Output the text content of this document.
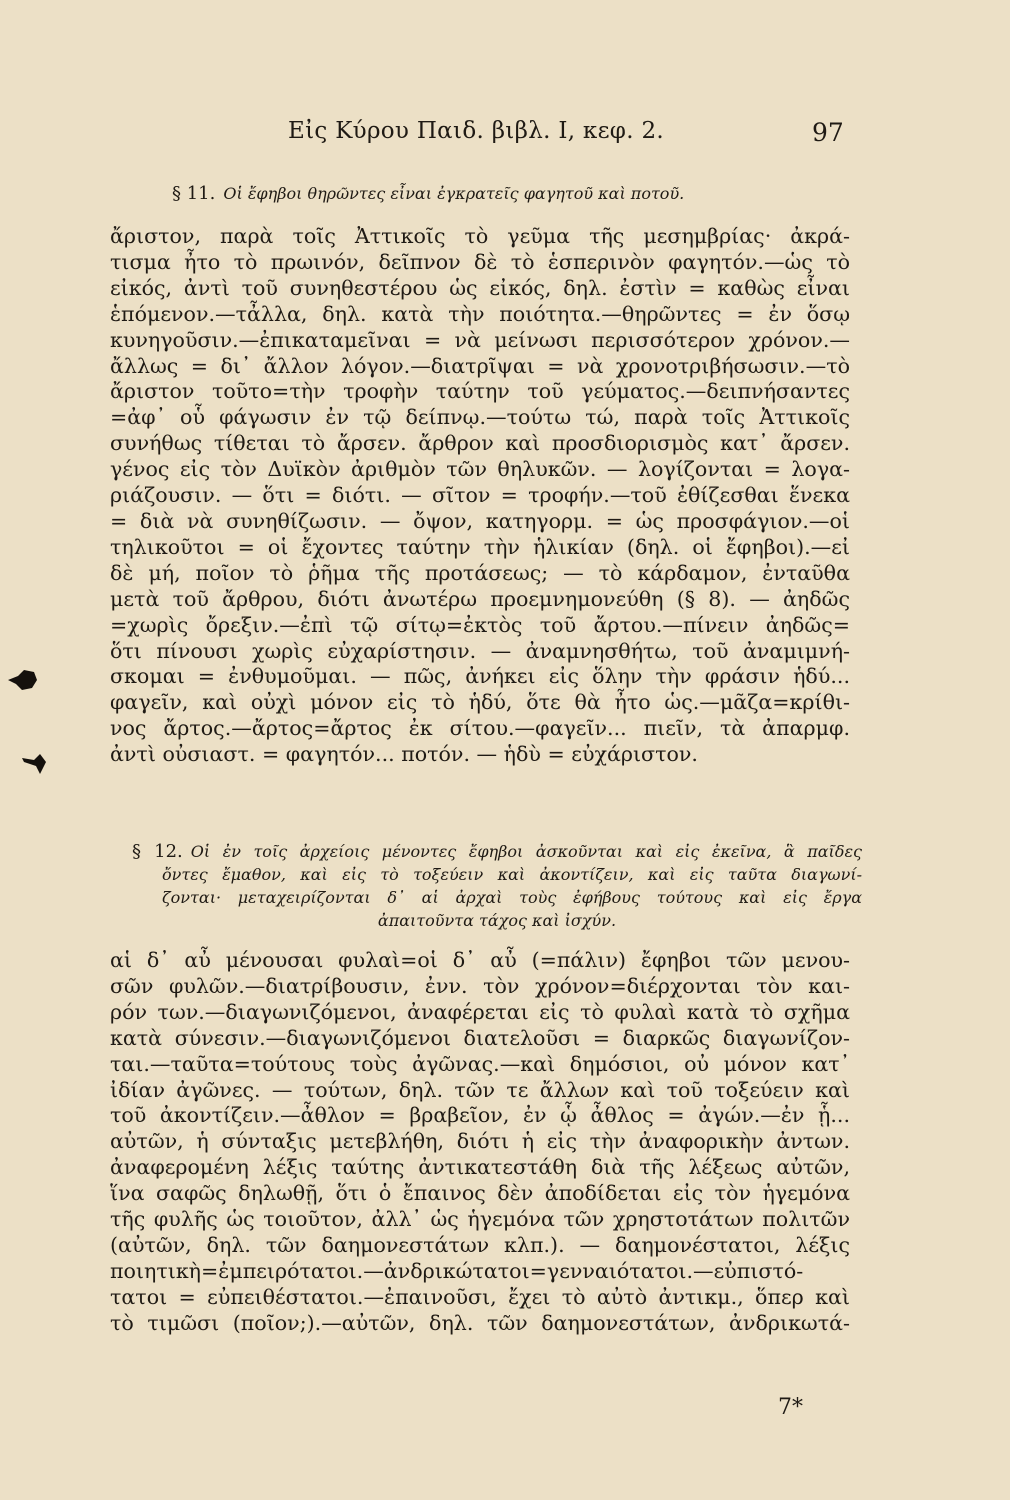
Εἰς Κύρου Παιδ. βιβλ. Ι, κεφ. 2.	97
§ 11. Οἱ ἔφηβοι θηρῶντες εἶναι ἐγκρατεῖς φαγητοῦ καὶ ποτοῦ.
ἄριστον, παρὰ τοῖς Ἀττικοῖς τὸ γεῦμα τῆς μεσημβρίας· ἀκρά-
τισμα ἦτο τὸ πρωινόν, δεῖπνον δὲ τὸ ἑσπερινὸν φαγητόν.—ὡς τὸ
εἰκός, ἀντὶ τοῦ συνηθεστέρου ὡς εἰκός, δηλ. ἐστὶν = καθὼς εἶναι
ἑπόμενον.—τἆλλα, δηλ. κατὰ τὴν ποιότητα.—θηρῶντες = ἐν ὅσῳ
κυνηγοῦσιν.—ἐπικαταμεῖναι = νὰ μείνωσι περισσότερον χρόνον.—
ἄλλως = δι᾽ ἄλλον λόγον.—διατρῖψαι = νὰ χρονοτριβήσωσιν.—τὸ
ἄριστον τοῦτο=τὴν τροφὴν ταύτην τοῦ γεύματος.—δειπνήσαντες
=ἀφ᾽ οὗ φάγωσιν ἐν τῷ δείπνῳ.—τούτω τώ, παρὰ τοῖς Ἀττικοῖς
συνήθως τίθεται τὸ ἄρσεν. ἄρθρον καὶ προσδιορισμὸς κατ᾽ ἄρσεν.
γένος εἰς τὸν Δυϊκὸν ἀριθμὸν τῶν θηλυκῶν. — λογίζονται = λογα-
ριάζουσιν. — ὅτι = διότι. — σῖτον = τροφήν.—τοῦ ἐθίζεσθαι ἕνεκα
= διὰ νὰ συνηθίζωσιν. — ὄψον, κατηγορμ. = ὡς προσφάγιον.—οἱ
τηλικοῦτοι = οἱ ἔχοντες ταύτην τὴν ἡλικίαν (δηλ. οἱ ἔφηβοι).—εἰ
δὲ μή, ποῖον τὸ ῥῆμα τῆς προτάσεως; — τὸ κάρδαμον, ἐνταῦθα
μετὰ τοῦ ἄρθρου, διότι ἀνωτέρω προεμνημονεύθη (§ 8). — ἀηδῶς
=χωρὶς ὄρεξιν.—ἐπὶ τῷ σίτῳ=ἐκτὸς τοῦ ἄρτου.—πίνειν ἀηδῶς=
ὅτι πίνουσι χωρὶς εὐχαρίστησιν. — ἀναμνησθήτω, τοῦ ἀναμιμνή-
σκομαι = ἐνθυμοῦμαι. — πῶς, ἀνήκει εἰς ὅλην τὴν φράσιν ἡδύ...
φαγεῖν, καὶ οὐχὶ μόνον εἰς τὸ ἡδύ, ὅτε θὰ ἦτο ὡς.—μᾶζα=κρίθι-
νος ἄρτος.—ἄρτος=ἄρτος ἐκ σίτου.—φαγεῖν... πιεῖν, τὰ ἀπαρμφ.
ἀντὶ οὐσιαστ. = φαγητόν... ποτόν. — ἡδὺ = εὐχάριστον.
§ 12. Οἱ ἐν τοῖς ἀρχείοις μένοντες ἔφηβοι ἀσκοῦνται καὶ εἰς ἐκεῖνα, ἃ παῖδες
ὄντες ἔμαθον, καὶ εἰς τὸ τοξεύειν καὶ ἀκοντίζειν, καὶ εἰς ταῦτα διαγωνί-
ζονται· μεταχειρίζονται δ᾽ αἱ ἀρχαὶ τοὺς ἐφήβους τούτους καὶ εἰς ἔργα
ἀπαιτοῦντα τάχος καὶ ἰσχύν.
αἱ δ᾽ αὖ μένουσαι φυλαὶ=οἱ δ᾽ αὖ (=πάλιν) ἔφηβοι τῶν μενου-
σῶν φυλῶν.—διατρίβουσιν, ἐνν. τὸν χρόνον=διέρχονται τὸν και-
ρόν των.—διαγωνιζόμενοι, ἀναφέρεται εἰς τὸ φυλαὶ κατὰ τὸ σχῆμα
κατὰ σύνεσιν.—διαγωνιζόμενοι διατελοῦσι = διαρκῶς διαγωνίζον-
ται.—ταῦτα=τούτους τοὺς ἀγῶνας.—καὶ δημόσιοι, οὐ μόνον κατ᾽
ἰδίαν ἀγῶνες. — τούτων, δηλ. τῶν τε ἄλλων καὶ τοῦ τοξεύειν καὶ
τοῦ ἀκοντίζειν.—ἆθλον = βραβεῖον, ἐν ᾧ ἆθλος = ἀγών.—ἐν ᾗ...
αὐτῶν, ἡ σύνταξις μετεβλήθη, διότι ἡ εἰς τὴν ἀναφορικὴν ἀντων.
ἀναφερομένη λέξις ταύτης ἀντικατεστάθη διὰ τῆς λέξεως αὐτῶν,
ἵνα σαφῶς δηλωθῇ, ὅτι ὁ ἔπαινος δὲν ἀποδίδεται εἰς τὸν ἡγεμόνα
τῆς φυλῆς ὡς τοιοῦτον, ἀλλ᾽ ὡς ἡγεμόνα τῶν χρηστοτάτων πολιτῶν
(αὐτῶν, δηλ. τῶν δαημονεστάτων κλπ.). — δαημονέστατοι, λέξις
ποιητικὴ=ἐμπειρότατοι.—ἀνδρικώτατοι=γενναιότατοι.—εὐπιστό-
τατοι = εὐπειθέστατοι.—ἐπαινοῦσι, ἔχει τὸ αὐτὸ ἀντικμ., ὅπερ καὶ
τὸ τιμῶσι (ποῖον;).—αὐτῶν, δηλ. τῶν δαημονεστάτων, ἀνδρικωτά-
7*
